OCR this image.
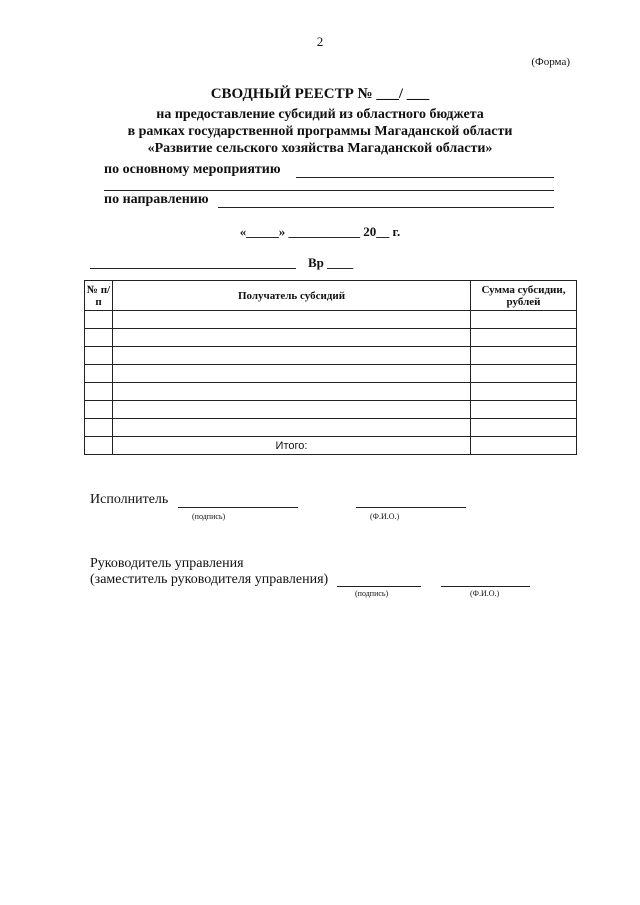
2
(Форма)
СВОДНЫЙ РЕЕСТР № ___/ ___
на предоставление субсидий из областного бюджета
в рамках государственной программы Магаданской области
«Развитие сельского хозяйства Магаданской области»
по основному мероприятию
по направлению
«_____» ___________ 20__ г.
Вр ____
№ п/п	Получатель субсидий	Сумма субсидии, рублей

	Итого:	
Исполнитель
(подпись)	(Ф.И.О.)
Руководитель управления
(заместитель руководителя управления)
(подпись)	(Ф.И.О.)
